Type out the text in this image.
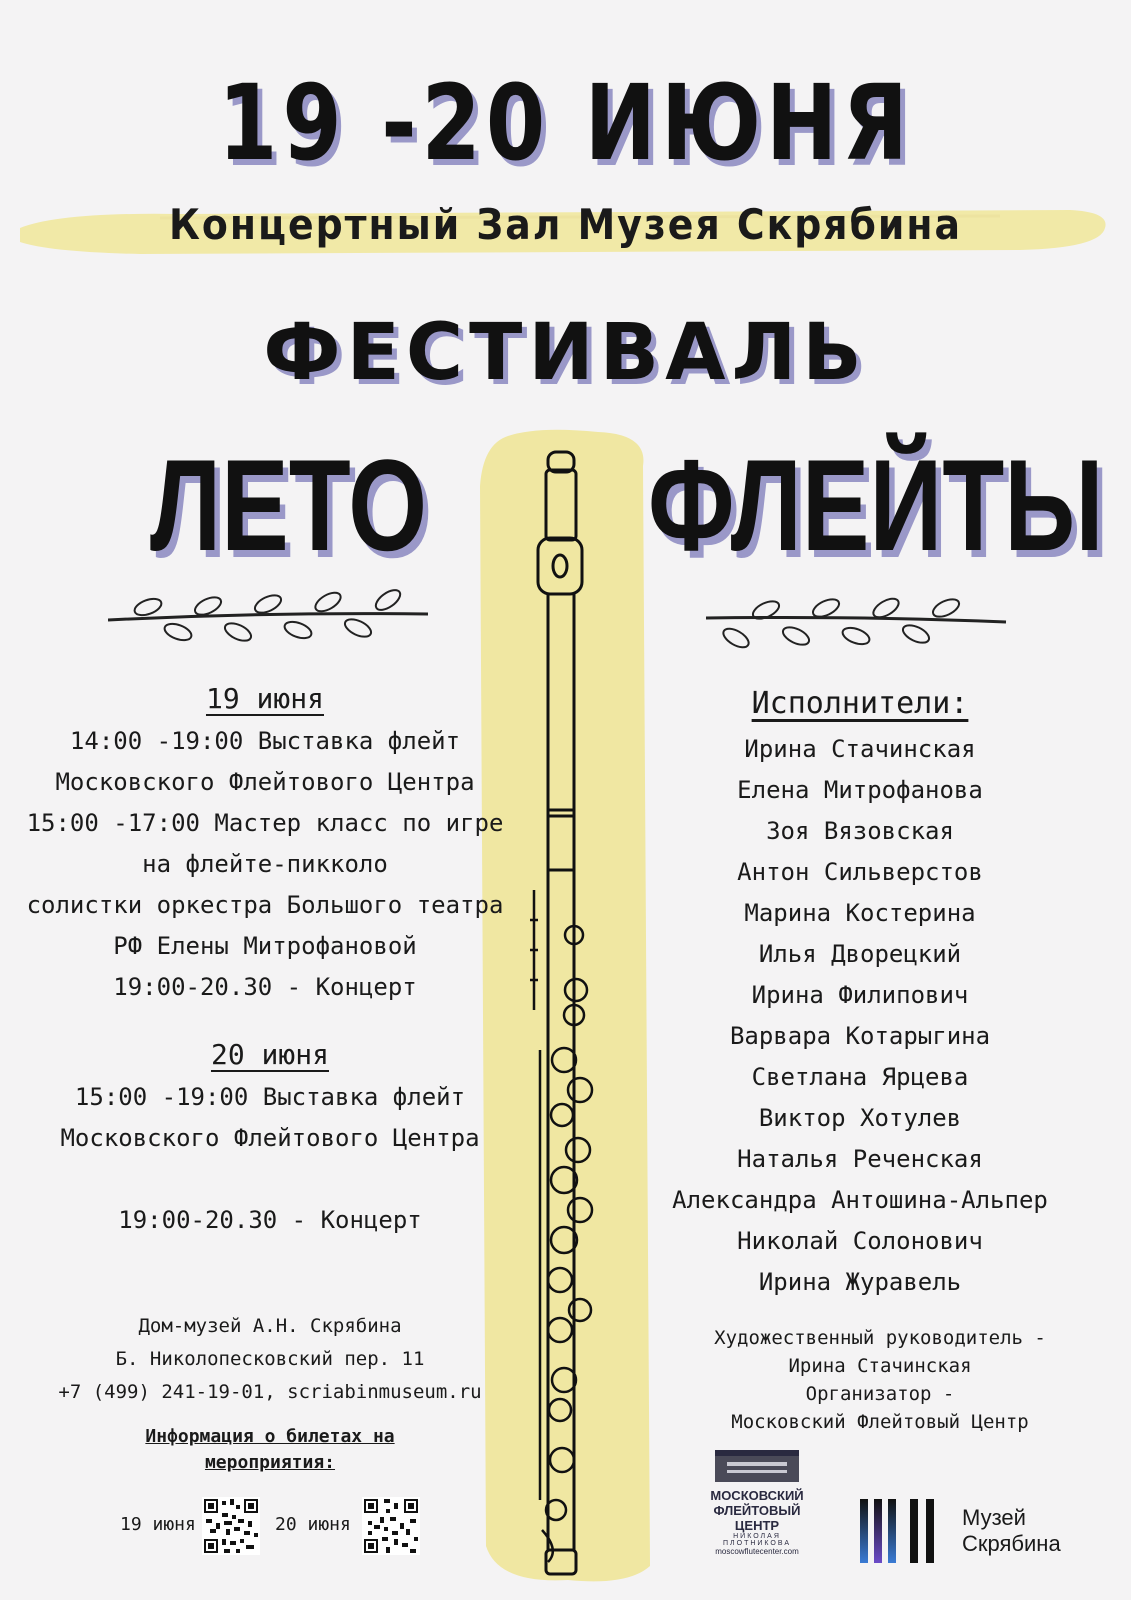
19 -20 ИЮНЯ
Концертный Зал Музея Скрябина
ФЕСТИВАЛЬ
ЛЕТО ФЛЕЙТЫ
19 июня
14:00 -19:00 Выставка флейт
Московского Флейтового Центра
15:00 -17:00 Мастер класс по игре
на флейте-пикколо
солистки оркестра Большого театра
РФ Елены Митрофановой
19:00-20.30 - Концерт
20 июня
15:00 -19:00 Выставка флейт
Московского Флейтового Центра
19:00-20.30 - Концерт
Дом-музей А.Н. Скрябина
Б. Николопесковский пер. 11
+7 (499) 241-19-01, scriabinmuseum.ru
Информация о билетах на
мероприятия:
19 июня	20 июня
Исполнители:
Ирина Стачинская
Елена Митрофанова
Зоя Вязовская
Антон Сильверстов
Марина Костерина
Илья Дворецкий
Ирина Филипович
Варвара Котарыгина
Светлана Ярцева
Виктор Хотулев
Наталья Реченская
Александра Антошина-Альпер
Николай Солонович
Ирина Журавель
Художественный руководитель -
Ирина Стачинская
Организатор -
Московский Флейтовый Центр
МОСКОВСКИЙ
ФЛЕЙТОВЫЙ
ЦЕНТР
НИКОЛАЯ
ПЛОТНИКОВА
moscowflutecenter.com
Музей
Скрябина
